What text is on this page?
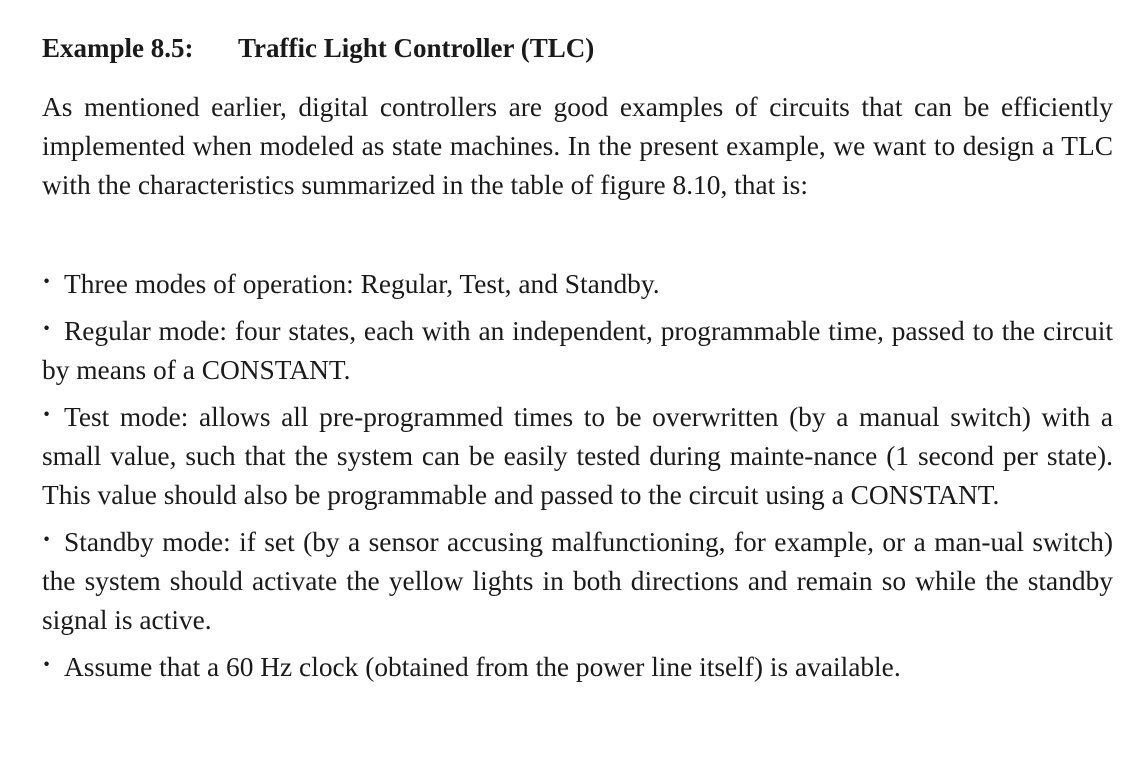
Example 8.5: Traffic Light Controller (TLC)

As mentioned earlier, digital controllers are good examples of circuits that can be efficiently implemented when modeled as state machines. In the present example, we want to design a TLC with the characteristics summarized in the table of figure 8.10, that is:

· Three modes of operation: Regular, Test, and Standby.
· Regular mode: four states, each with an independent, programmable time, passed to the circuit by means of a CONSTANT.
· Test mode: allows all pre-programmed times to be overwritten (by a manual switch) with a small value, such that the system can be easily tested during mainte-nance (1 second per state). This value should also be programmable and passed to the circuit using a CONSTANT.
· Standby mode: if set (by a sensor accusing malfunctioning, for example, or a man-ual switch) the system should activate the yellow lights in both directions and remain so while the standby signal is active.
· Assume that a 60 Hz clock (obtained from the power line itself) is available.
